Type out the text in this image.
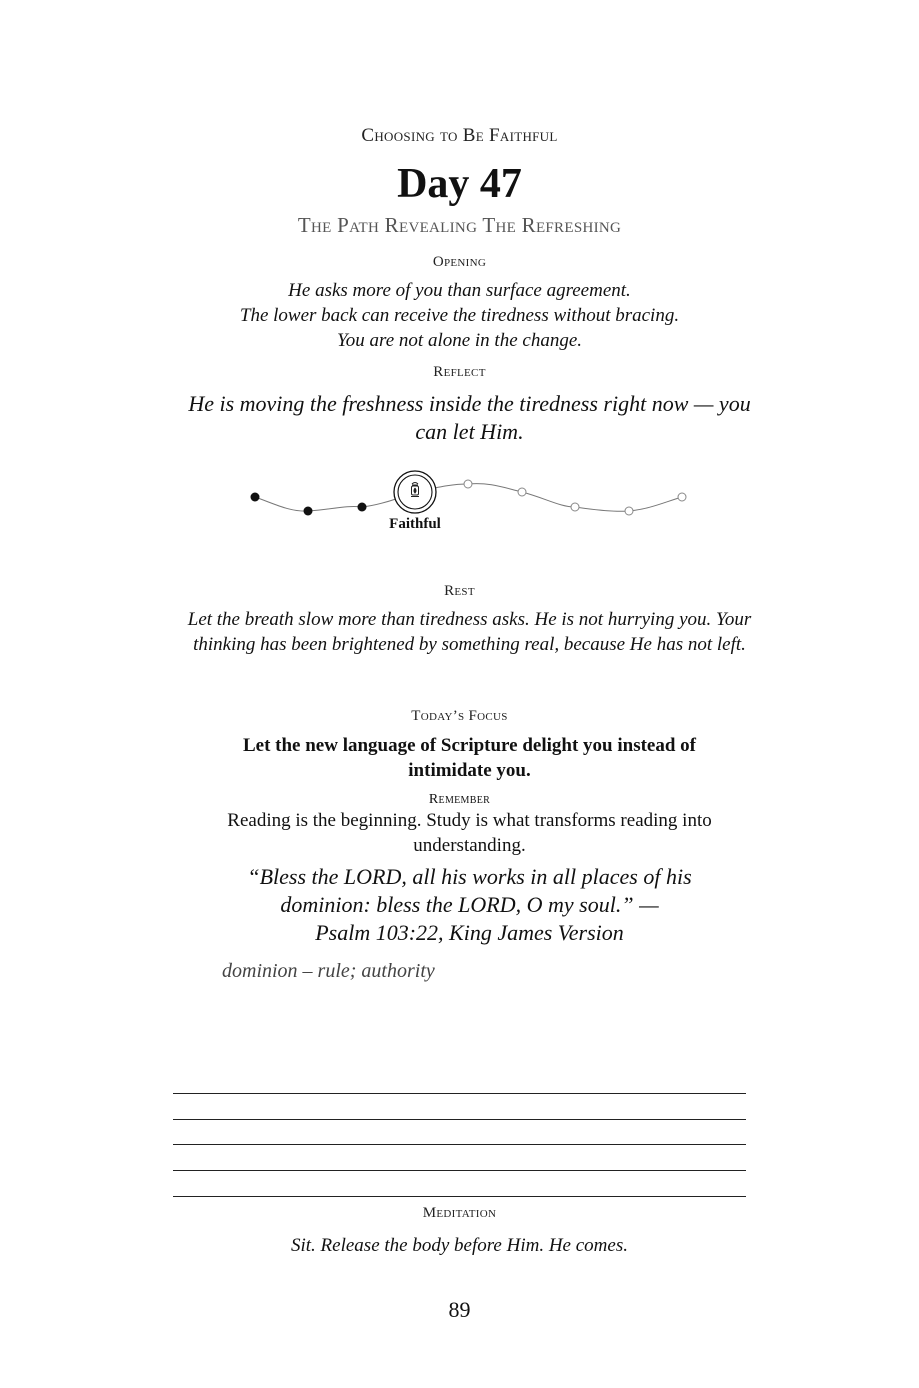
Choosing to Be Faithful
Day 47
The Path Revealing The Refreshing
Opening
He asks more of you than surface agreement.
The lower back can receive the tiredness without bracing.
You are not alone in the change.
Reflect
He is moving the freshness inside the tiredness right now — you can let Him.
Faithful
Rest
Let the breath slow more than tiredness asks. He is not hurrying you. Your thinking has been brightened by something real, because He has not left.
Today’s Focus
Let the new language of Scripture delight you instead of intimidate you.
Remember
Reading is the beginning. Study is what transforms reading into understanding.
“Bless the LORD, all his works in all places of his
dominion: bless the LORD, O my soul.” —
Psalm 103:22, King James Version
dominion – rule; authority
Meditation
Sit. Release the body before Him. He comes.
89
